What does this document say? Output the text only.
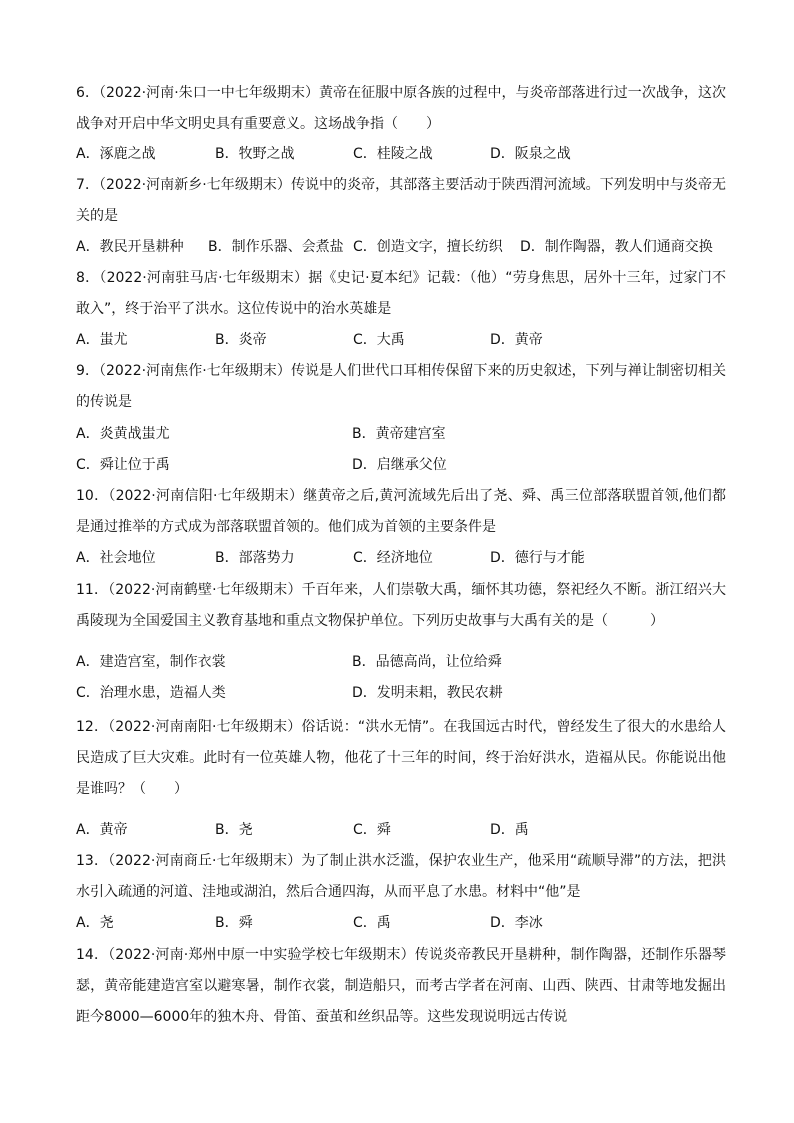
6．（2022·河南·朱口一中七年级期末）黄帝在征服中原各族的过程中，与炎帝部落进行过一次战争，这次战争对开启中华文明史具有重要意义。这场战争指（　　）

A．涿鹿之战	B．牧野之战	C．桂陵之战	D．阪泉之战

7．（2022·河南新乡·七年级期末）传说中的炎帝，其部落主要活动于陕西渭河流域。下列发明中与炎帝无关的是

A．教民开垦耕种 B．制作乐器、会煮盐 C．创造文字，擅长纺织 D．制作陶器，教人们通商交换

8．（2022·河南驻马店·七年级期末）据《史记·夏本纪》记载：（他）“劳身焦思，居外十三年，过家门不敢入”，终于治平了洪水。这位传说中的治水英雄是

A．蚩尤	B．炎帝	C．大禹	D．黄帝

9．（2022·河南焦作·七年级期末）传说是人们世代口耳相传保留下来的历史叙述，下列与禅让制密切相关的传说是

A．炎黄战蚩尤	B．黄帝建宫室
C．舜让位于禹	D．启继承父位

10．（2022·河南信阳·七年级期末）继黄帝之后,黄河流域先后出了尧、舜、禹三位部落联盟首领,他们都是通过推举的方式成为部落联盟首领的。他们成为首领的主要条件是

A．社会地位	B．部落势力	C．经济地位	D．德行与才能

11．（2022·河南鹤壁·七年级期末）千百年来，人们崇敬大禹，缅怀其功德，祭祀经久不断。浙江绍兴大禹陵现为全国爱国主义教育基地和重点文物保护单位。下列历史故事与大禹有关的是（　　　）

A．建造宫室，制作衣裳	B．品德高尚，让位给舜
C．治理水患，造福人类	D．发明耒耜，教民农耕

12．（2022·河南南阳·七年级期末）俗话说：“洪水无情”。在我国远古时代，曾经发生了很大的水患给人民造成了巨大灾难。此时有一位英雄人物，他花了十三年的时间，终于治好洪水，造福从民。你能说出他是谁吗？（　　）

A．黄帝	B．尧	C．舜	D．禹

13．（2022·河南商丘·七年级期末）为了制止洪水泛滥，保护农业生产，他采用“疏顺导滞”的方法，把洪水引入疏通的河道、洼地或湖泊，然后合通四海，从而平息了水患。材料中“他”是

A．尧	B．舜	C．禹	D．李冰

14．（2022·河南·郑州中原一中实验学校七年级期末）传说炎帝教民开垦耕种，制作陶器，还制作乐器琴瑟，黄帝能建造宫室以避寒暑，制作衣裳，制造船只，而考古学者在河南、山西、陕西、甘肃等地发掘出距今8000—6000年的独木舟、骨笛、蚕茧和丝织品等。这些发现说明远古传说
